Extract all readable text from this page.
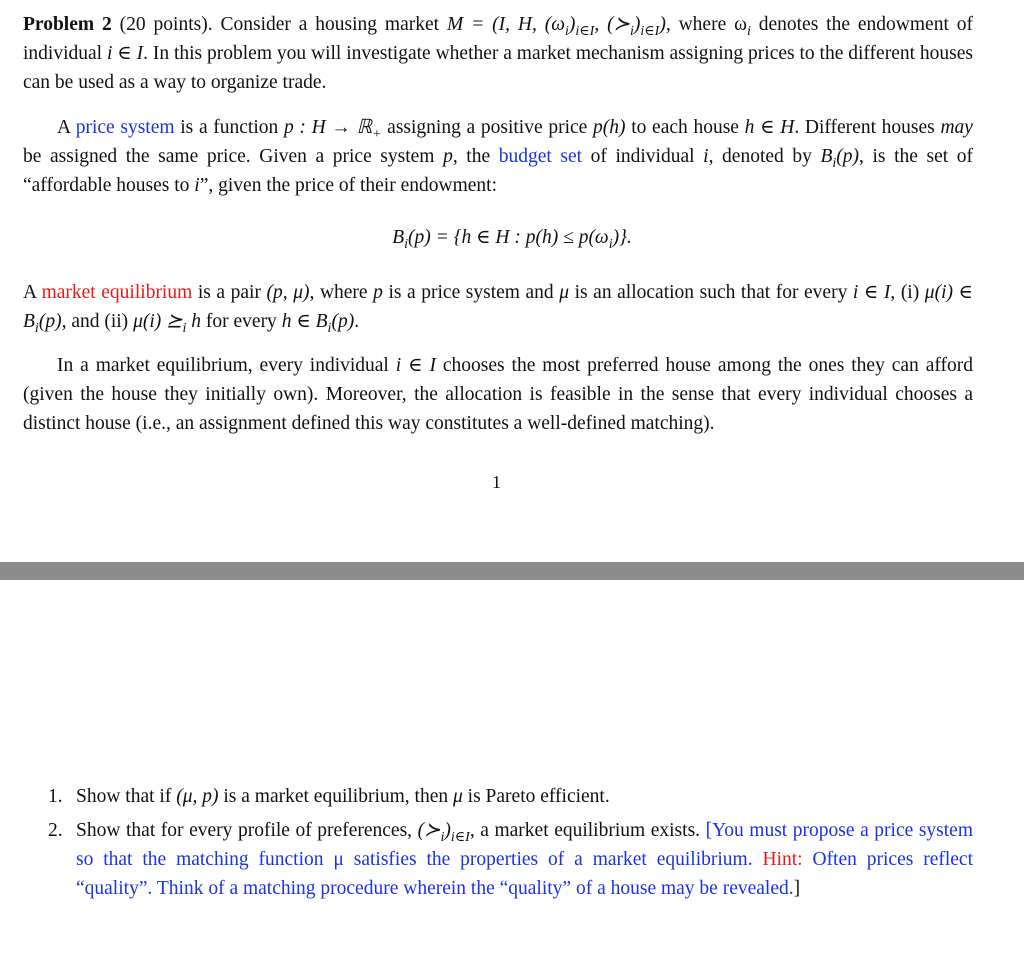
Problem 2 (20 points). Consider a housing market M = (I, H, $(\omega_i)_{i\in I}$, $(≻_i)_{i\in I}$), where $\omega_i$ denotes the endowment of individual i ∈ I. In this problem you will investigate whether a market mechanism assigning prices to the different houses can be used as a way to organize trade.

A price system is a function p : H → ℝ$_+$ assigning a positive price p(h) to each house h ∈ H. Different houses may be assigned the same price. Given a price system p, the budget set of individual i, denoted by $B_i(p)$, is the set of “affordable houses to i”, given the price of their endowment:

$B_i(p) = \{h$ ∈ H : $p(h) \le p(\omega_i)$}.

A market equilibrium is a pair (p, μ), where p is a price system and μ is an allocation such that for every i ∈ I, (i) μ(i) ∈ $B_i(p)$, and (ii) μ(i) $⪰_i$ h for every h ∈ $B_i(p)$.

In a market equilibrium, every individual i ∈ I chooses the most preferred house among the ones they can afford (given the house they initially own). Moreover, the allocation is feasible in the sense that every individual chooses a distinct house (i.e., an assignment defined this way constitutes a well-defined matching).

1
1. Show that if (μ, p) is a market equilibrium, then μ is Pareto efficient.
2. Show that for every profile of preferences, $(≻_i)_{i\in I}$, a market equilibrium exists. [You must propose a price system so that the matching function μ satisfies the properties of a market equilibrium. Hint: Often prices reflect “quality”. Think of a matching procedure wherein the “quality” of a house may be revealed.]
